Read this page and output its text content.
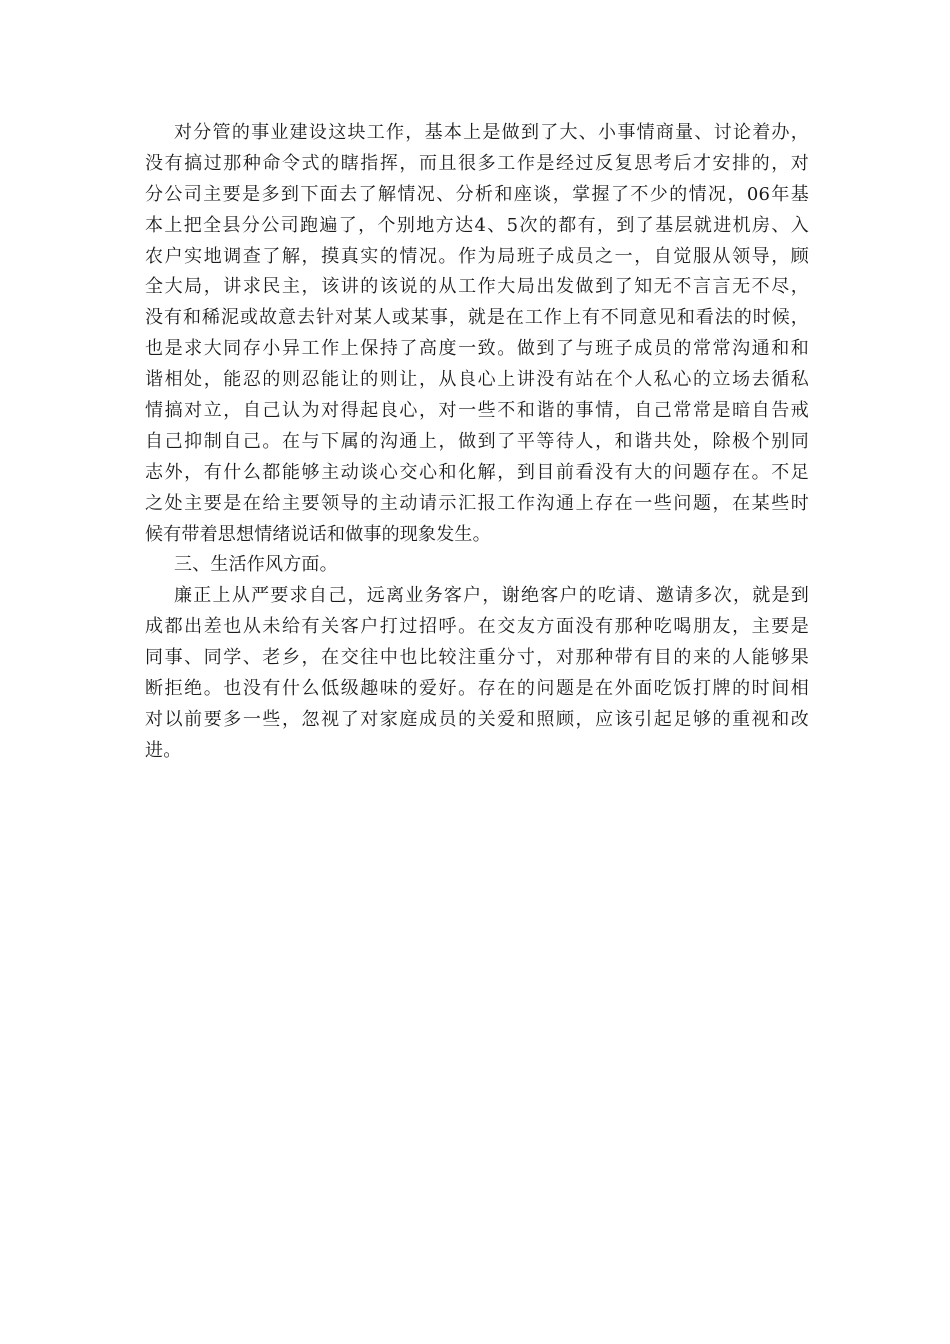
对分管的事业建设这块工作，基本上是做到了大、小事情商量、讨论着办，
没有搞过那种命令式的瞎指挥，而且很多工作是经过反复思考后才安排的，对
分公司主要是多到下面去了解情况、分析和座谈，掌握了不少的情况，06年基
本上把全县分公司跑遍了，个别地方达4、5次的都有，到了基层就进机房、入
农户实地调查了解，摸真实的情况。作为局班子成员之一，自觉服从领导，顾
全大局，讲求民主，该讲的该说的从工作大局出发做到了知无不言言无不尽，
没有和稀泥或故意去针对某人或某事，就是在工作上有不同意见和看法的时候，
也是求大同存小异工作上保持了高度一致。做到了与班子成员的常常沟通和和
谐相处，能忍的则忍能让的则让，从良心上讲没有站在个人私心的立场去循私
情搞对立，自己认为对得起良心，对一些不和谐的事情，自己常常是暗自告戒
自己抑制自己。在与下属的沟通上，做到了平等待人，和谐共处，除极个别同
志外，有什么都能够主动谈心交心和化解，到目前看没有大的问题存在。不足
之处主要是在给主要领导的主动请示汇报工作沟通上存在一些问题，在某些时
候有带着思想情绪说话和做事的现象发生。
三、生活作风方面。
廉正上从严要求自己，远离业务客户，谢绝客户的吃请、邀请多次，就是到
成都出差也从未给有关客户打过招呼。在交友方面没有那种吃喝朋友，主要是
同事、同学、老乡，在交往中也比较注重分寸，对那种带有目的来的人能够果
断拒绝。也没有什么低级趣味的爱好。存在的问题是在外面吃饭打牌的时间相
对以前要多一些，忽视了对家庭成员的关爱和照顾，应该引起足够的重视和改
进。
